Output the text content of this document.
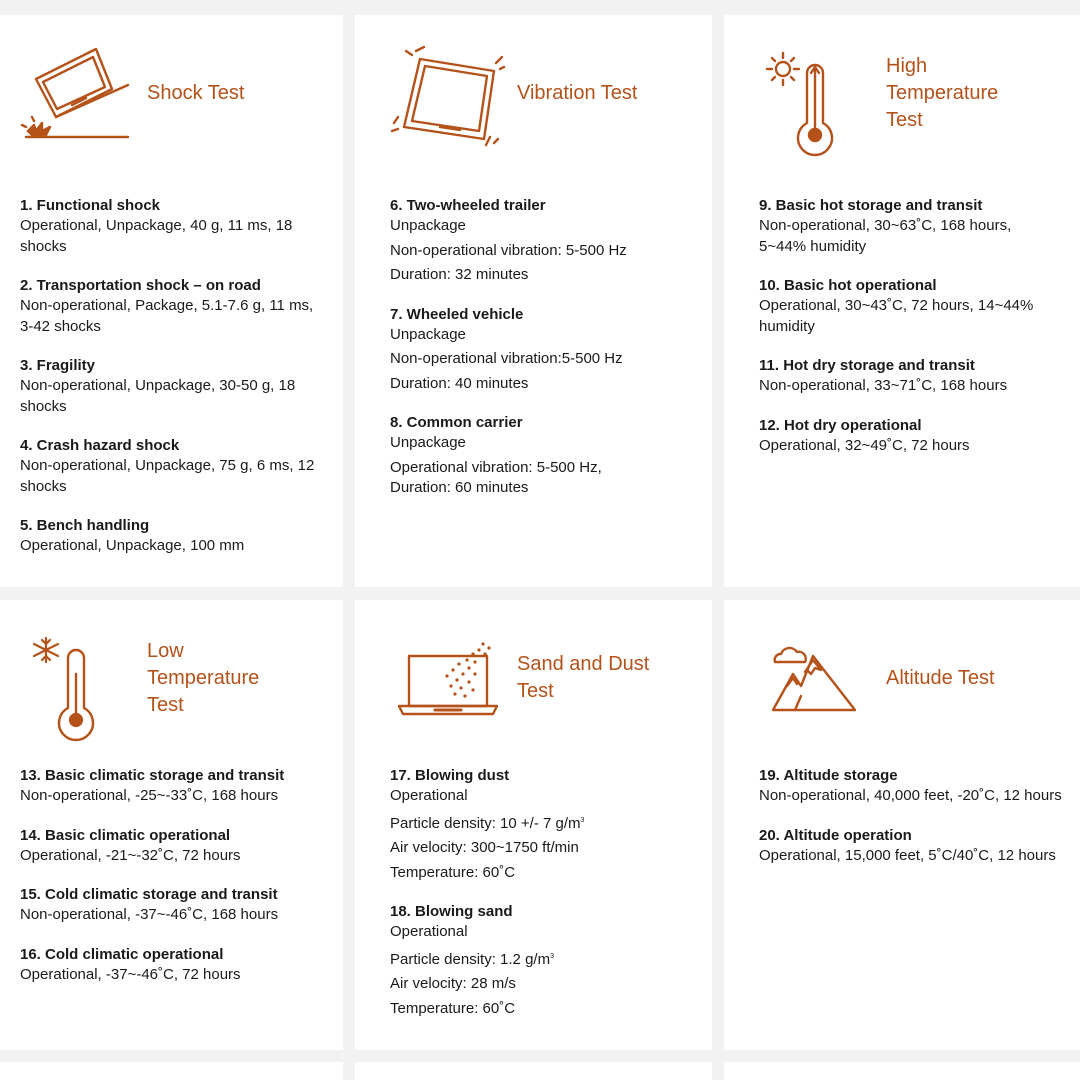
Shock Test
1. Functional shock
Operational, Unpackage, 40 g, 11 ms, 18 shocks
2. Transportation shock – on road
Non-operational, Package, 5.1-7.6 g, 11 ms, 3-42 shocks
3. Fragility
Non-operational, Unpackage, 30-50 g, 18 shocks
4. Crash hazard shock
Non-operational, Unpackage, 75 g, 6 ms, 12 shocks
5. Bench handling
Operational, Unpackage, 100 mm
Vibration Test
6. Two-wheeled trailer
Unpackage
Non-operational vibration: 5-500 Hz
Duration: 32 minutes
7. Wheeled vehicle
Unpackage
Non-operational vibration:5-500 Hz
Duration: 40 minutes
8. Common carrier
Unpackage
Operational vibration: 5-500 Hz, Duration: 60 minutes
High
Temperature
Test
9. Basic hot storage and transit
Non-operational, 30~63˚C, 168 hours, 5~44% humidity
10. Basic hot operational
Operational, 30~43˚C, 72 hours, 14~44% humidity
11. Hot dry storage and transit
Non-operational, 33~71˚C, 168 hours
12. Hot dry operational
Operational, 32~49˚C, 72 hours
Low
Temperature
Test
13. Basic climatic storage and transit
Non-operational, -25~-33˚C, 168 hours
14. Basic climatic operational
Operational, -21~-32˚C, 72 hours
15. Cold climatic storage and transit
Non-operational, -37~-46˚C, 168 hours
16. Cold climatic operational
Operational, -37~-46˚C, 72 hours
Sand and Dust
Test
17. Blowing dust
Operational
Particle density: 10 +/- 7 $g/m^3$
Air velocity: 300~1750 ft/min
Temperature: 60˚C
18. Blowing sand
Operational
Particle density: 1.2 $g/m^3$
Air velocity: 28 m/s
Temperature: 60˚C
Altitude Test
19. Altitude storage
Non-operational, 40,000 feet, -20˚C, 12 hours
20. Altitude operation
Operational, 15,000 feet, 5˚C/40˚C, 12 hours
